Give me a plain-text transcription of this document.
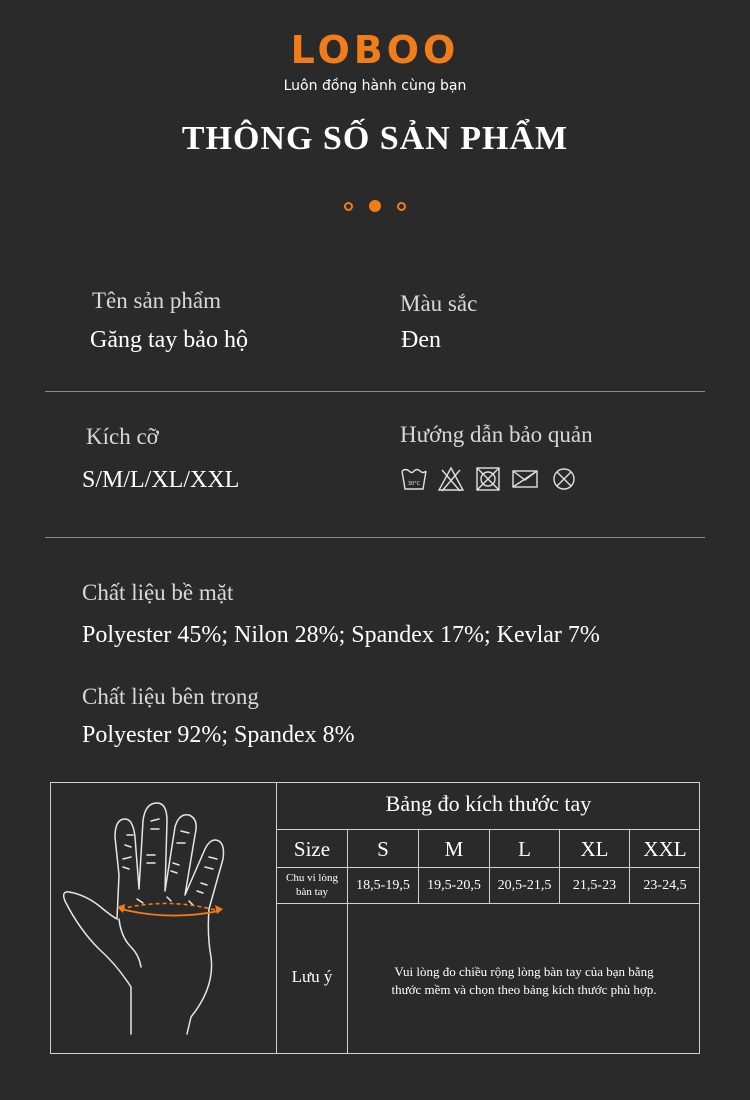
LOBOO
Luôn đồng hành cùng bạn
THÔNG SỐ SẢN PHẨM
Tên sản phẩm
Găng tay bảo hộ
Màu sắc
Đen
Kích cỡ
S/M/L/XL/XXL
Hướng dẫn bảo quản
30°C
Chất liệu bề mặt
Polyester 45%; Nilon 28%; Spandex 17%; Kevlar 7%
Chất liệu bên trong
Polyester 92%; Spandex 8%
Bảng đo kích thước tay
Size	S	M	L	XL	XXL
Chu vi lòng
bàn tay	18,5-19,5	19,5-20,5	20,5-21,5	21,5-23	23-24,5
Lưu ý	Vui lòng đo chiều rộng lòng bàn tay của bạn bằng
thước mềm và chọn theo bảng kích thước phù hợp.
